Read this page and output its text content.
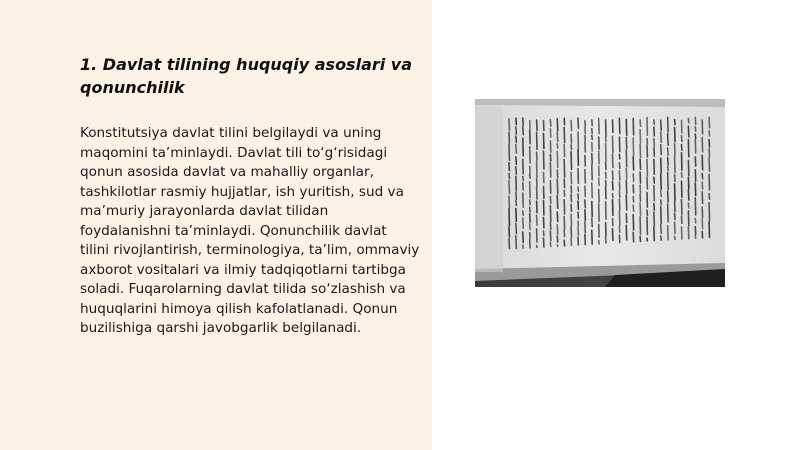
1. Davlat tilining huquqiy asoslari va qonunchilik

Konstitutsiya davlat tilini belgilaydi va uning maqomini ta’minlaydi. Davlat tili to‘g‘risidagi qonun asosida davlat va mahalliy organlar, tashkilotlar rasmiy hujjatlar, ish yuritish, sud va ma’muriy jarayonlarda davlat tilidan foydalanishni ta’minlaydi. Qonunchilik davlat tilini rivojlantirish, terminologiya, ta’lim, ommaviy axborot vositalari va ilmiy tadqiqotlarni tartibga soladi. Fuqarolarning davlat tilida so‘zlashish va huquqlarini himoya qilish kafolatlanadi. Qonun buzilishiga qarshi javobgarlik belgilanadi.
